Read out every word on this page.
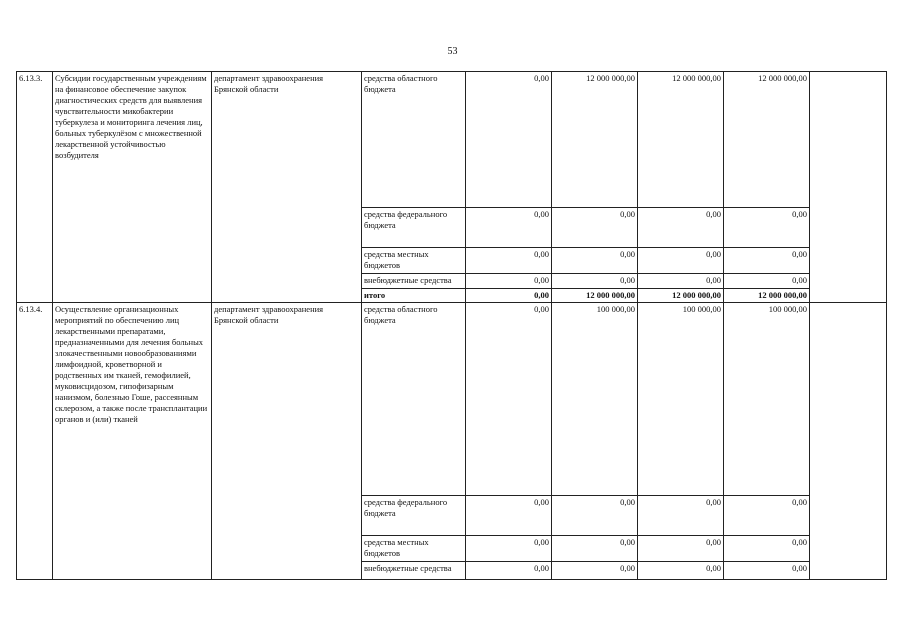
53
6.13.3.	Субсидии государственным учреждениям на финансовое обеспечение закупок диагностических средств для выявления чувствительности микобактерии туберкулеза и мониторинга лечения лиц, больных туберкулёзом с множественной лекарственной устойчивостью возбудителя	департамент здравоохранения Брянской области	средства областного бюджета	0,00	12 000 000,00	12 000 000,00	12 000 000,00	
			средства федерального бюджета	0,00	0,00	0,00	0,00	
			средства местных бюджетов	0,00	0,00	0,00	0,00	
			внебюджетные средства	0,00	0,00	0,00	0,00	
			итого	0,00	12 000 000,00	12 000 000,00	12 000 000,00	
6.13.4.	Осуществление организационных мероприятий по обеспечению лиц лекарственными препаратами, предназначенными для лечения больных злокачественными новообразованиями лимфоидной, кроветворной и родственных им тканей, гемофилией, муковисцидозом, гипофизарным нанизмом, болезнью Гоше, рассеянным склерозом, а также после трансплантации органов и (или) тканей	департамент здравоохранения Брянской области	средства областного бюджета	0,00	100 000,00	100 000,00	100 000,00	
			средства федерального бюджета	0,00	0,00	0,00	0,00	
			средства местных бюджетов	0,00	0,00	0,00	0,00	
			внебюджетные средства	0,00	0,00	0,00	0,00	
